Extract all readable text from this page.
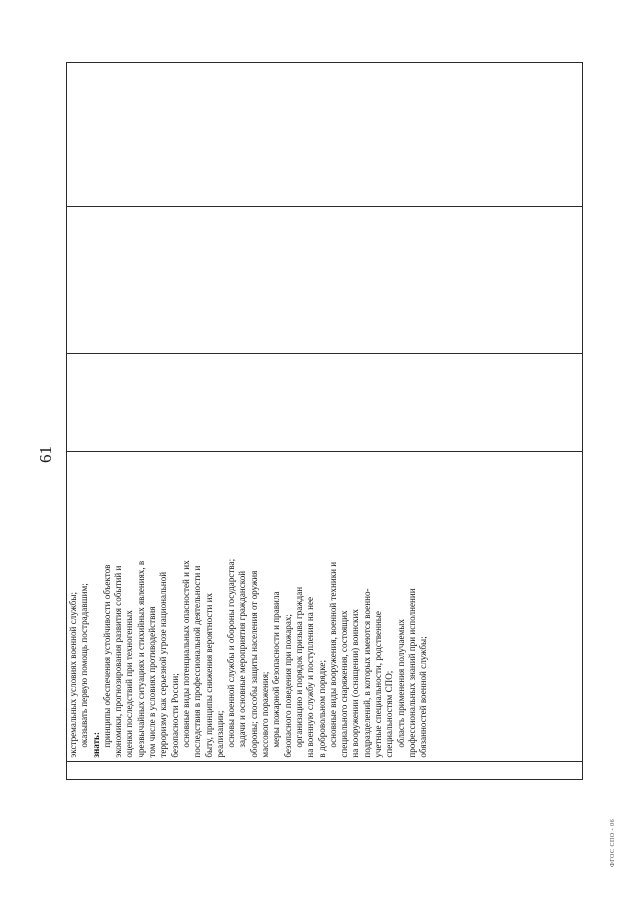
61

экстремальных условиях военной службы; оказывать первую помощь пострадавшим; знать: принципы обеспечения устойчивости объектов экономики, прогнозирования развития событий и оценки последствий при техногенных чрезвычайных ситуациях и стихийных явлениях, в том числе в условиях противодействия терроризму как серьезной угрозе национальной безопасности России; основные виды потенциальных опасностей и их последствия в профессиональной деятельности и быту, принципы снижения вероятности их реализации; основы военной службы и обороны государства; задачи и основные мероприятия гражданской обороны; способы защиты населения от оружия массового поражения; меры пожарной безопасности и правила безопасного поведения при пожарах; организацию и порядок призыва граждан на военную службу и поступления на нее в добровольном порядке; основные виды вооружения, военной техники и специального снаряжения, состоящих на вооружении (оснащении) воинских подразделений, в которых имеются военно- учетные специальности, родственные специальностям СПО; область применения получаемых профессиональных знаний при исполнении обязанностей военной службы;

ФГОС СПО - 06
